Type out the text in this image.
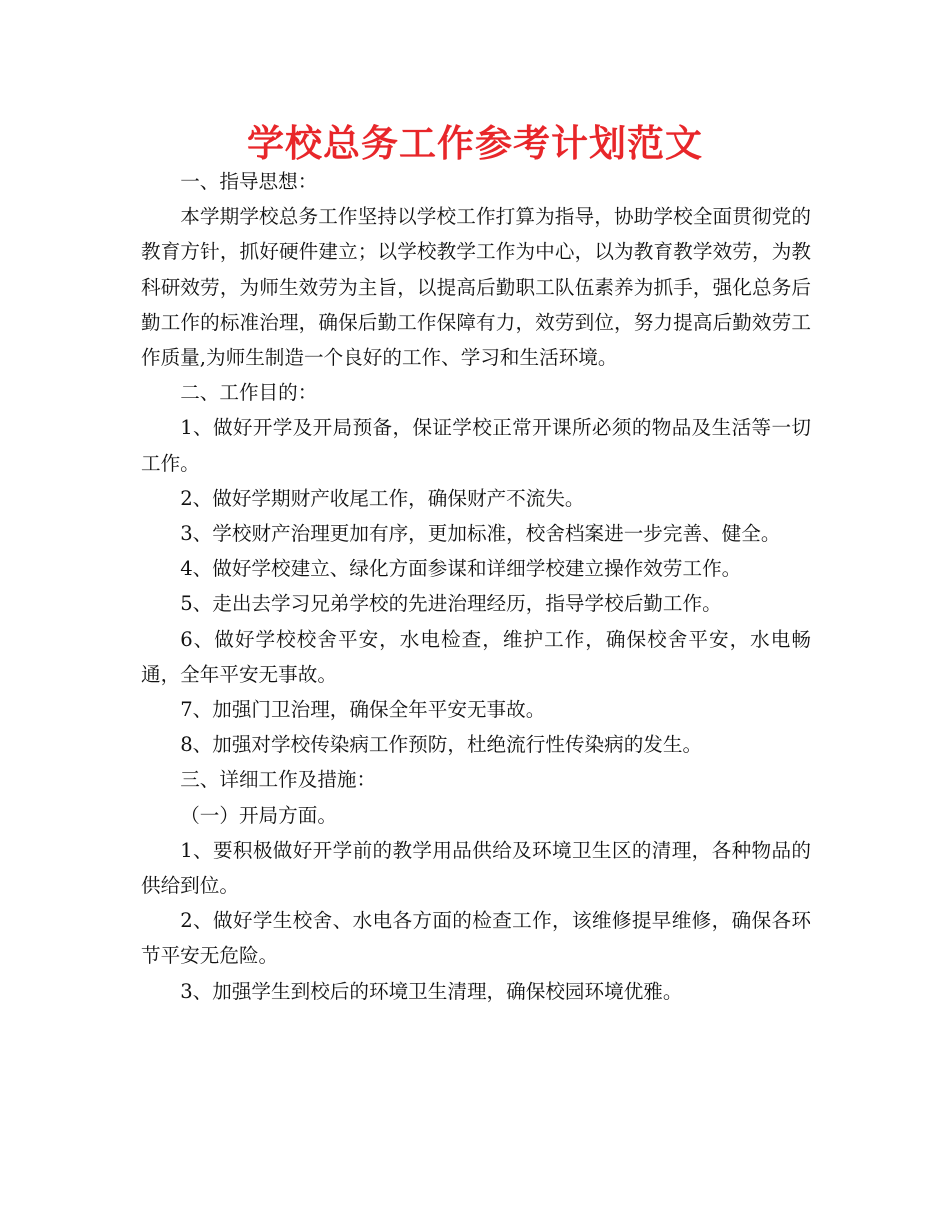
学校总务工作参考计划范文

一、指导思想：

本学期学校总务工作坚持以学校工作打算为指导，协助学校全面贯彻党的教育方针，抓好硬件建立；以学校教学工作为中心，以为教育教学效劳，为教科研效劳，为师生效劳为主旨，以提高后勤职工队伍素养为抓手，强化总务后勤工作的标准治理，确保后勤工作保障有力，效劳到位，努力提高后勤效劳工作质量,为师生制造一个良好的工作、学习和生活环境。

二、工作目的：

1、做好开学及开局预备，保证学校正常开课所必须的物品及生活等一切工作。

2、做好学期财产收尾工作，确保财产不流失。

3、学校财产治理更加有序，更加标准，校舍档案进一步完善、健全。

4、做好学校建立、绿化方面参谋和详细学校建立操作效劳工作。

5、走出去学习兄弟学校的先进治理经历，指导学校后勤工作。

6、做好学校校舍平安，水电检查，维护工作，确保校舍平安，水电畅通，全年平安无事故。

7、加强门卫治理，确保全年平安无事故。

8、加强对学校传染病工作预防，杜绝流行性传染病的发生。

三、详细工作及措施：

（一）开局方面。

1、要积极做好开学前的教学用品供给及环境卫生区的清理，各种物品的供给到位。

2、做好学生校舍、水电各方面的检查工作，该维修提早维修，确保各环节平安无危险。

3、加强学生到校后的环境卫生清理，确保校园环境优雅。
